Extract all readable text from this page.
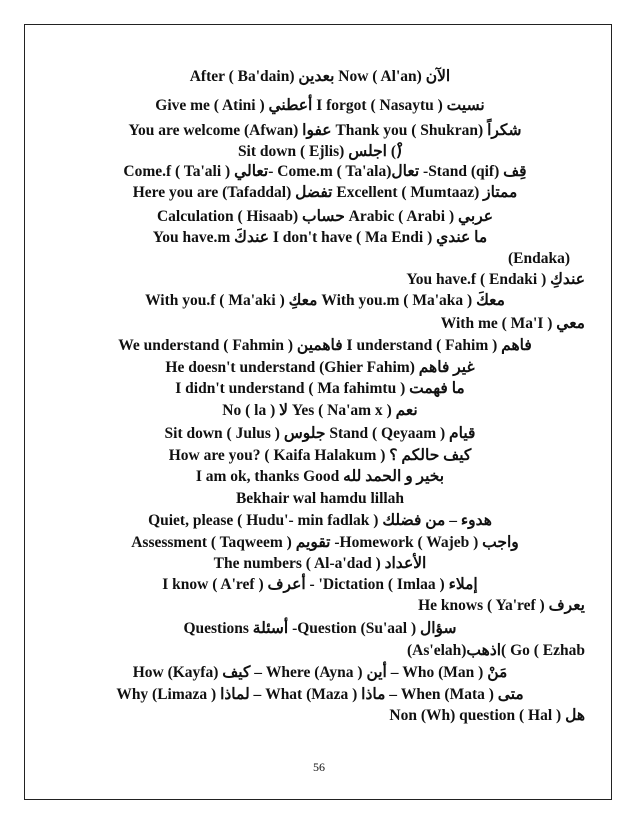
الآن (Now ( Al'an بعدين (After ( Ba'dain
نسيت ( I forgot ( Nasaytu أعطني ( Give me ( Atini
شكراً (Thank you ( Shukran عفوا (You are welcome (Afwan
(ْ) اجلس (Sit down ( Ejlis
قِف (Stand (qif- تعال(Come.m ( Ta'ala -تعالي ( Come.f ( Ta'ali
ممتاز (Excellent ( Mumtaaz تفضل (Here you are (Tafaddal
عربي ( Arabic ( Arabi حساب (Calculation ( Hisaab
ما عندي ( I don't have ( Ma Endi عندكَ You have.m
(Endaka)
عندكِ ( You have.f ( Endaki
معكَ ( With you.m ( Ma'aka معكِ ( With you.f ( Ma'aki
معي ( With me ( Ma'I
فاهم ( I understand ( Fahim فاهمين ( We understand ( Fahmin
غير فاهم (He doesn't understand (Ghier Fahim
ما فهمت ( I didn't understand ( Ma fahimtu
نعم ( Yes ( Na'am x لا ( No ( la
قيام ( Stand ( Qeyaam جلوس ( Sit down ( Julus
كيف حالكم ؟ ( How are you? ( Kaifa Halakum
بخير و الحمد لله I am ok, thanks Good
Bekhair wal hamdu lillah
هدوء – من فضلك ( Quiet, please ( Hudu'- min fadlak
واجب ( Homework ( Wajeb- تقويم ( Assessment ( Taqweem
الأعداد ( The numbers ( Al-a'dad
إملاء ( Dictation ( Imlaa' - أعرف ( I know ( A'ref
يعرف ( He knows ( Ya'ref
سؤال ( Question (Su'aal- أسئلة Questions
(As'elah)اذهب( Go ( Ezhab
مَنْ ( Who (Man – أين ( Where (Ayna – كيف (How (Kayfa
متى ( When (Mata – ماذا ( What (Maza – لماذا ( Why (Limaza
هل ( Non (Wh) question ( Hal
56
